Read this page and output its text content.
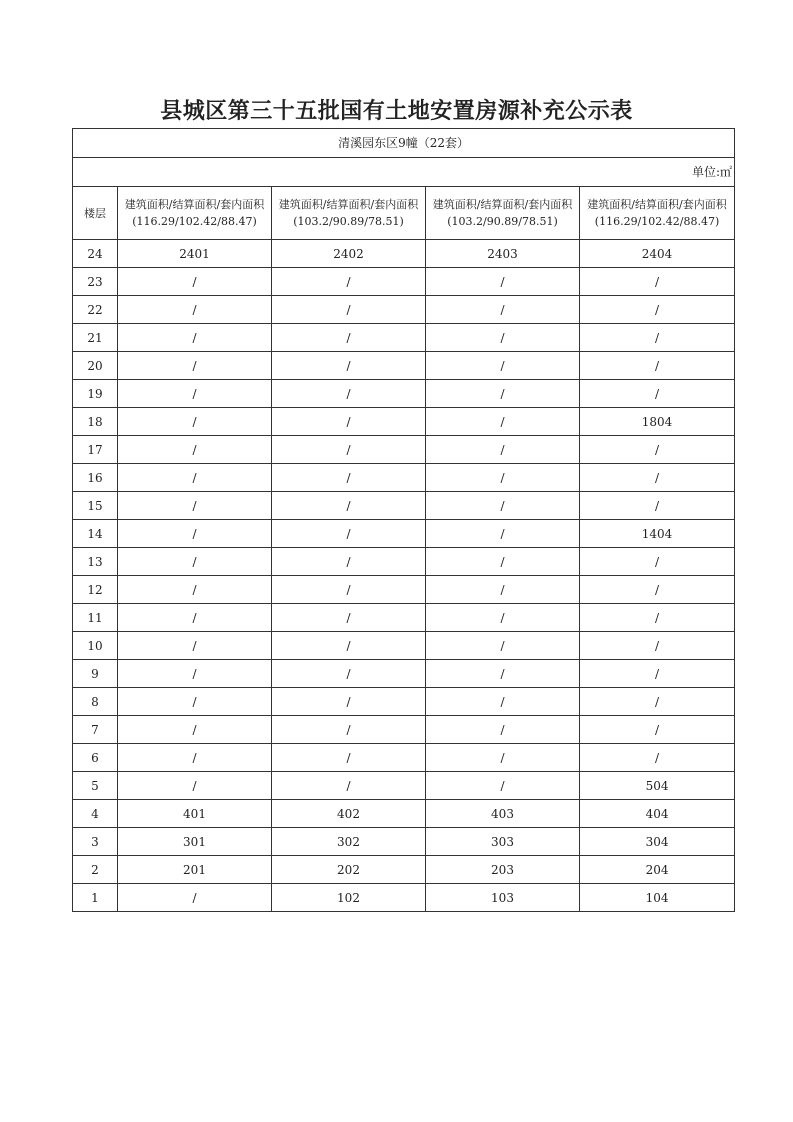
县城区第三十五批国有土地安置房源补充公示表
清溪园东区9幢（22套）				
单位:㎡				
楼层	建筑面积/结算面积/套内面积(116.29/102.42/88.47)	建筑面积/结算面积/套内面积(103.2/90.89/78.51)	建筑面积/结算面积/套内面积(103.2/90.89/78.51)	建筑面积/结算面积/套内面积(116.29/102.42/88.47)
24	2401	2402	2403	2404
23	/	/	/	/
22	/	/	/	/
21	/	/	/	/
20	/	/	/	/
19	/	/	/	/
18	/	/	/	1804
17	/	/	/	/
16	/	/	/	/
15	/	/	/	/
14	/	/	/	1404
13	/	/	/	/
12	/	/	/	/
11	/	/	/	/
10	/	/	/	/
9	/	/	/	/
8	/	/	/	/
7	/	/	/	/
6	/	/	/	/
5	/	/	/	504
4	401	402	403	404
3	301	302	303	304
2	201	202	203	204
1	/	102	103	104
